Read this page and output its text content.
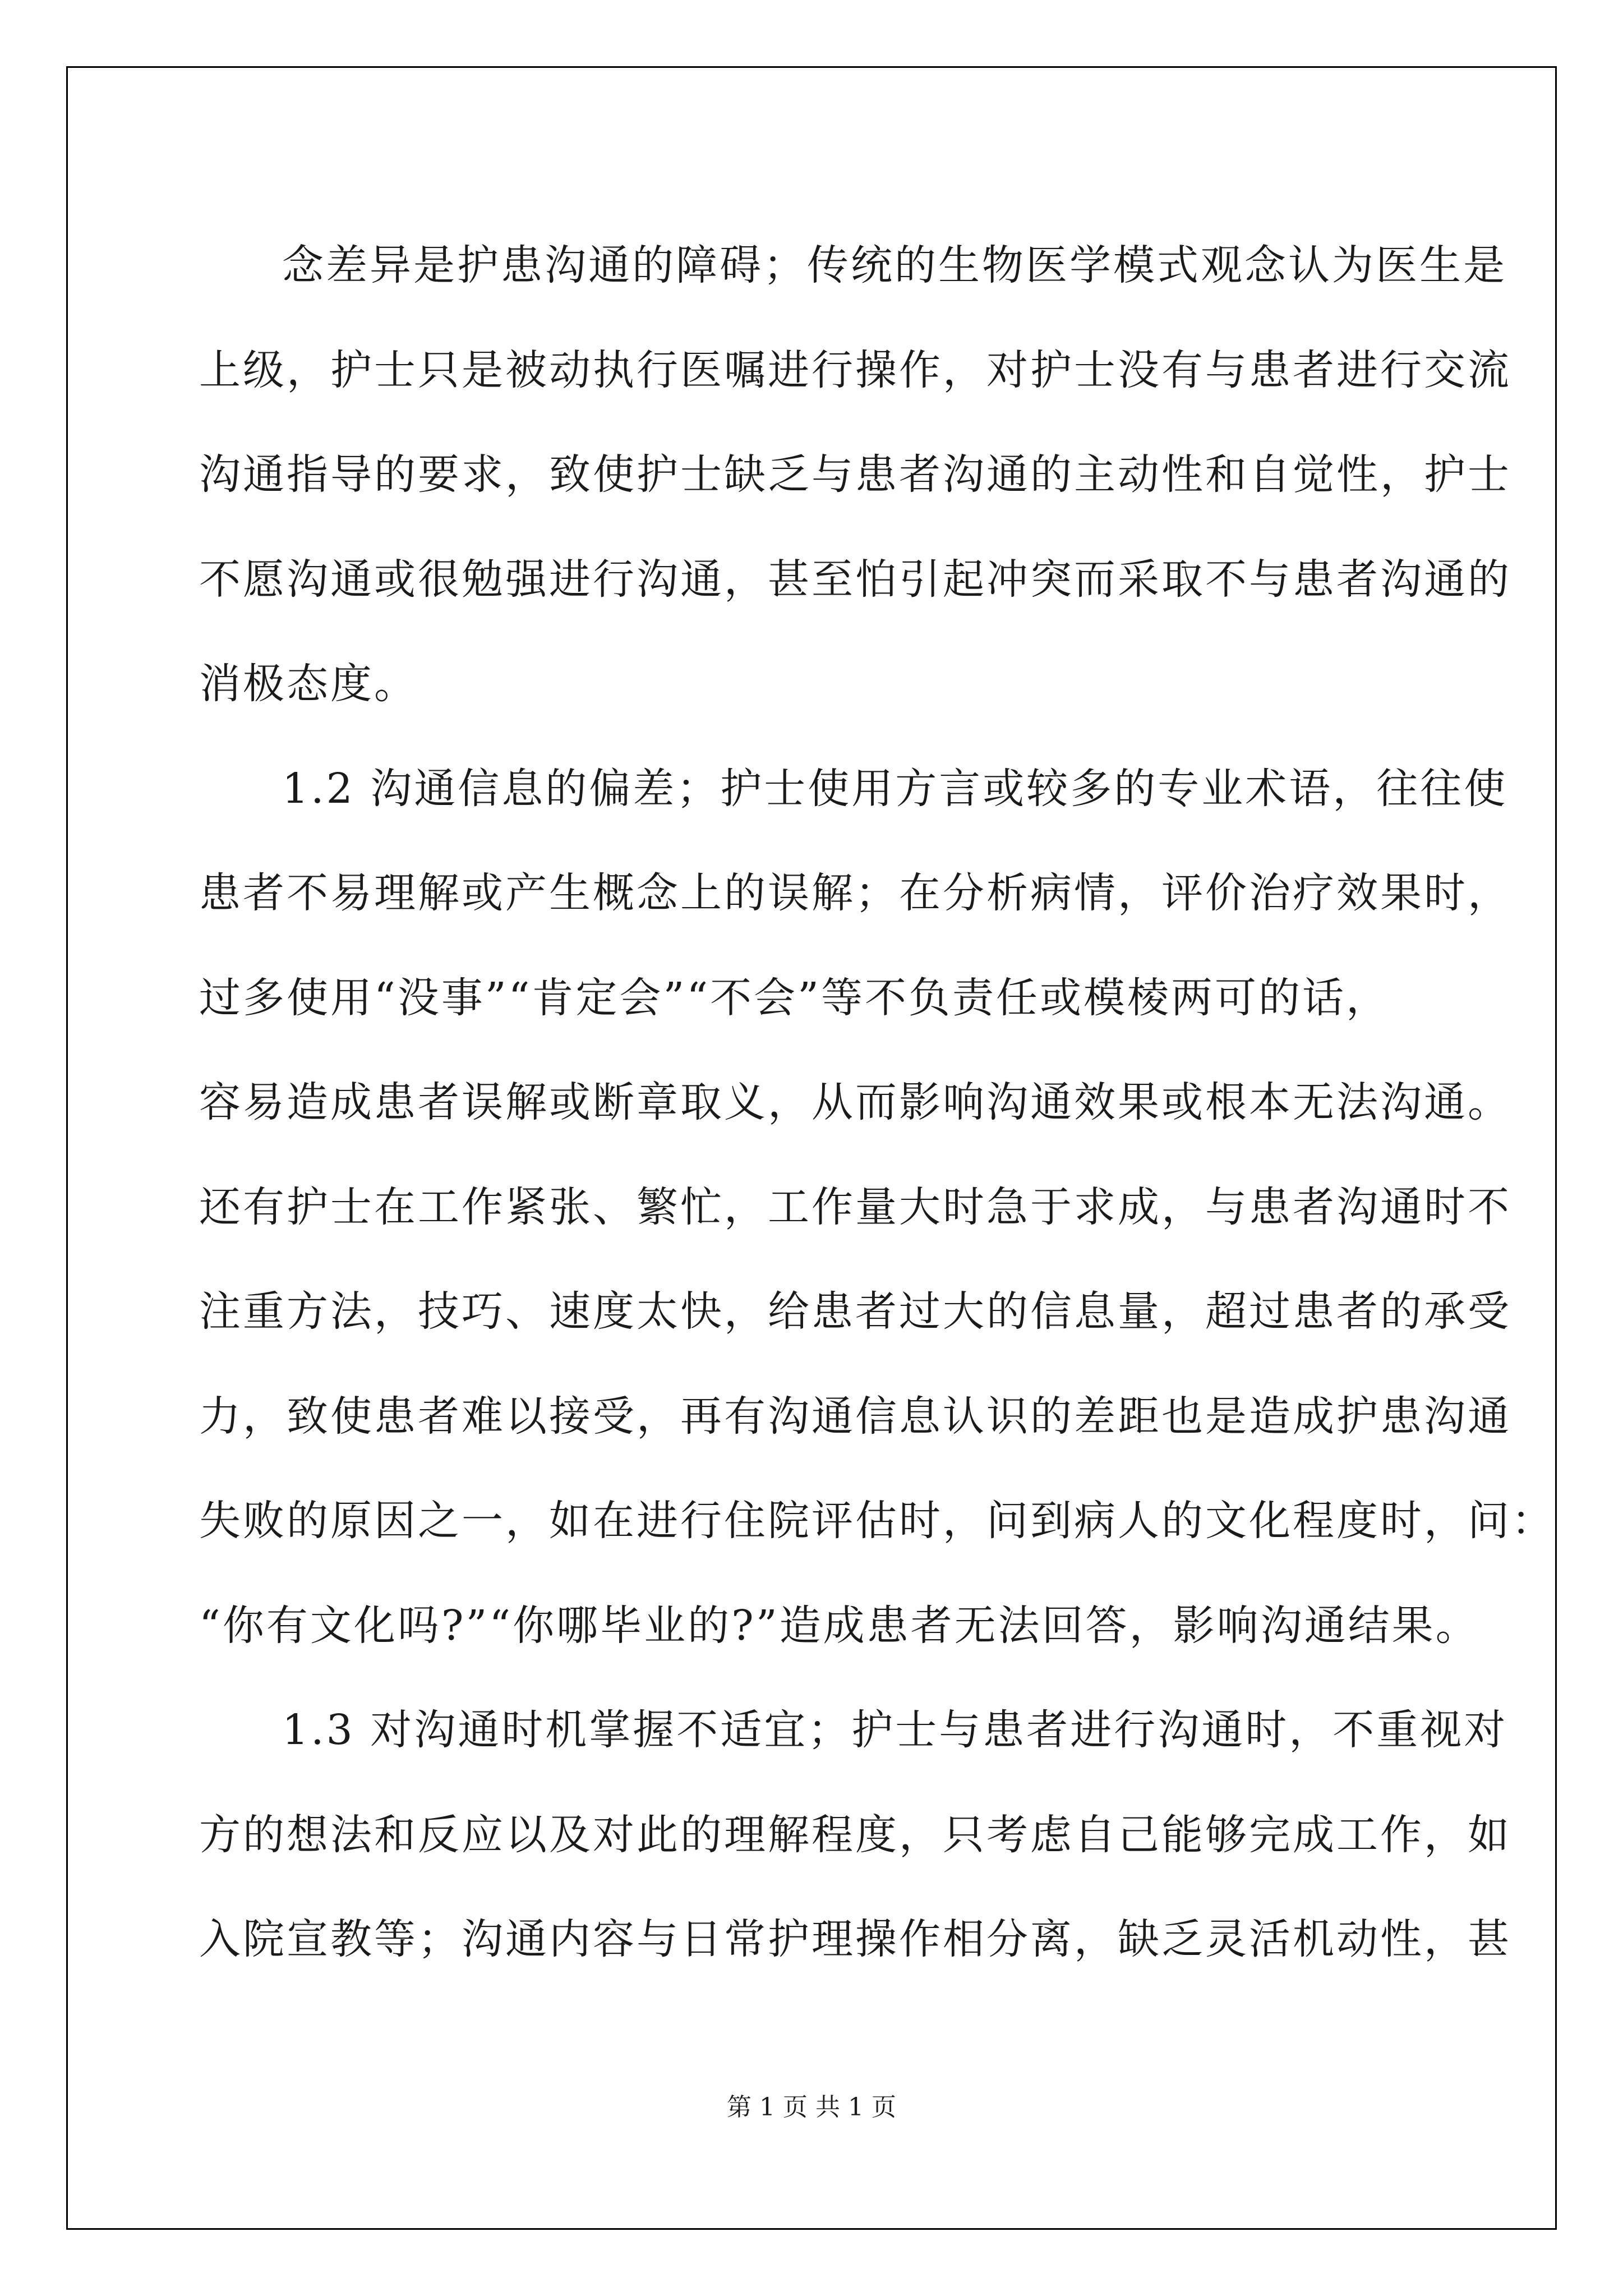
念差异是护患沟通的障碍；传统的生物医学模式观念认为医生是
上级，护士只是被动执行医嘱进行操作，对护士没有与患者进行交流
沟通指导的要求，致使护士缺乏与患者沟通的主动性和自觉性，护士
不愿沟通或很勉强进行沟通，甚至怕引起冲突而采取不与患者沟通的
消极态度。
1.2 沟通信息的偏差；护士使用方言或较多的专业术语，往往使
患者不易理解或产生概念上的误解；在分析病情，评价治疗效果时，
过多使用“没事”“肯定会”“不会”等不负责任或模棱两可的话，
容易造成患者误解或断章取义，从而影响沟通效果或根本无法沟通。
还有护士在工作紧张、繁忙，工作量大时急于求成，与患者沟通时不
注重方法，技巧、速度太快，给患者过大的信息量，超过患者的承受
力，致使患者难以接受，再有沟通信息认识的差距也是造成护患沟通
失败的原因之一，如在进行住院评估时，问到病人的文化程度时，问：
“你有文化吗?”“你哪毕业的?”造成患者无法回答，影响沟通结果。
1.3 对沟通时机掌握不适宜；护士与患者进行沟通时，不重视对
方的想法和反应以及对此的理解程度，只考虑自己能够完成工作，如
入院宣教等；沟通内容与日常护理操作相分离，缺乏灵活机动性，甚
第 1 页 共 1 页
